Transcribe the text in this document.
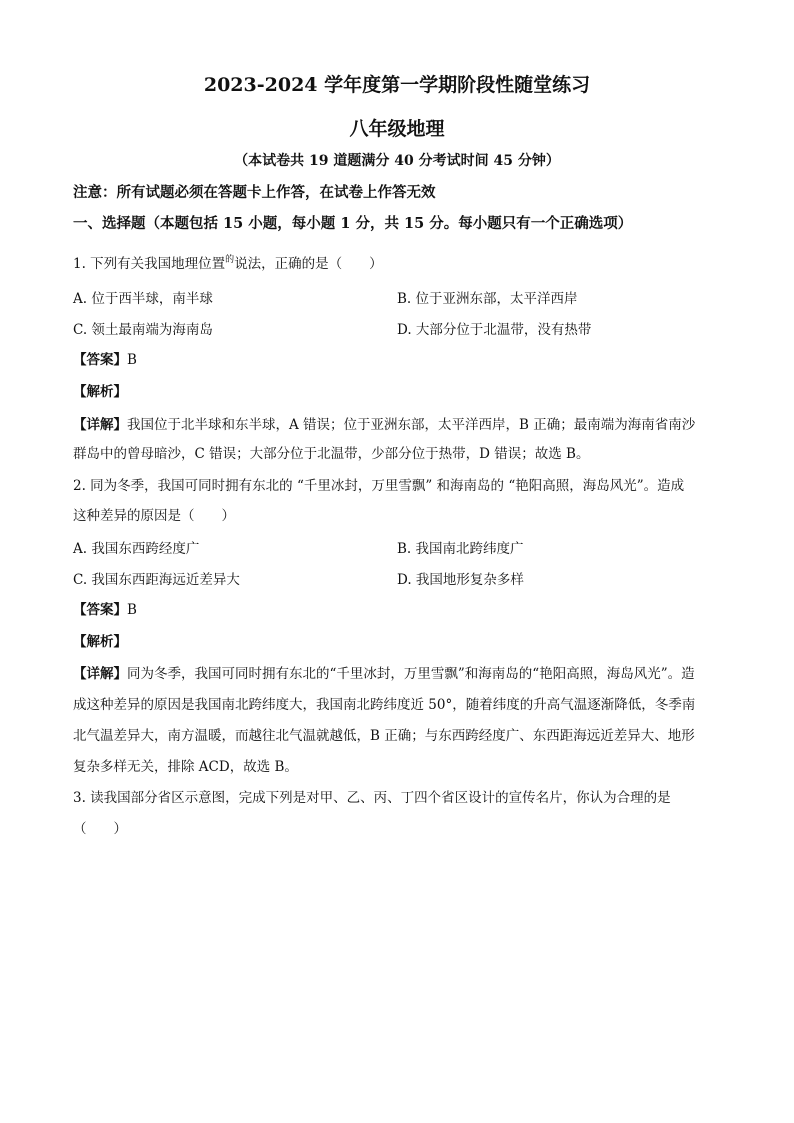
2023-2024 学年度第一学期阶段性随堂练习
八年级地理
（本试卷共 19 道题满分 40 分考试时间 45 分钟）
注意：所有试题必须在答题卡上作答，在试卷上作答无效
一、选择题（本题包括 15 小题，每小题 1 分，共 15 分。每小题只有一个正确选项）
1. 下列有关我国地理位置$^的$说法，正确的是（　　）
A. 位于西半球，南半球	B. 位于亚洲东部，太平洋西岸
C. 领土最南端为海南岛	D. 大部分位于北温带，没有热带
【答案】B
【解析】
【详解】我国位于北半球和东半球，A 错误；位于亚洲东部，太平洋西岸，B 正确；最南端为海南省南沙
群岛中的曾母暗沙，C 错误；大部分位于北温带，少部分位于热带，D 错误；故选 B。
2. 同为冬季，我国可同时拥有东北的 “千里冰封，万里雪飘” 和海南岛的 “艳阳高照，海岛风光”。造成
这种差异的原因是（　　）
A. 我国东西跨经度广	B. 我国南北跨纬度广
C. 我国东西距海远近差异大	D. 我国地形复杂多样
【答案】B
【解析】
【详解】同为冬季，我国可同时拥有东北的“千里冰封，万里雪飘”和海南岛的“艳阳高照，海岛风光”。造
成这种差异的原因是我国南北跨纬度大，我国南北跨纬度近 50°，随着纬度的升高气温逐渐降低，冬季南
北气温差异大，南方温暖，而越往北气温就越低，B 正确；与东西跨经度广、东西距海远近差异大、地形
复杂多样无关，排除 ACD，故选 B。
3. 读我国部分省区示意图，完成下列是对甲、乙、丙、丁四个省区设计的宣传名片，你认为合理的是
（　　）
